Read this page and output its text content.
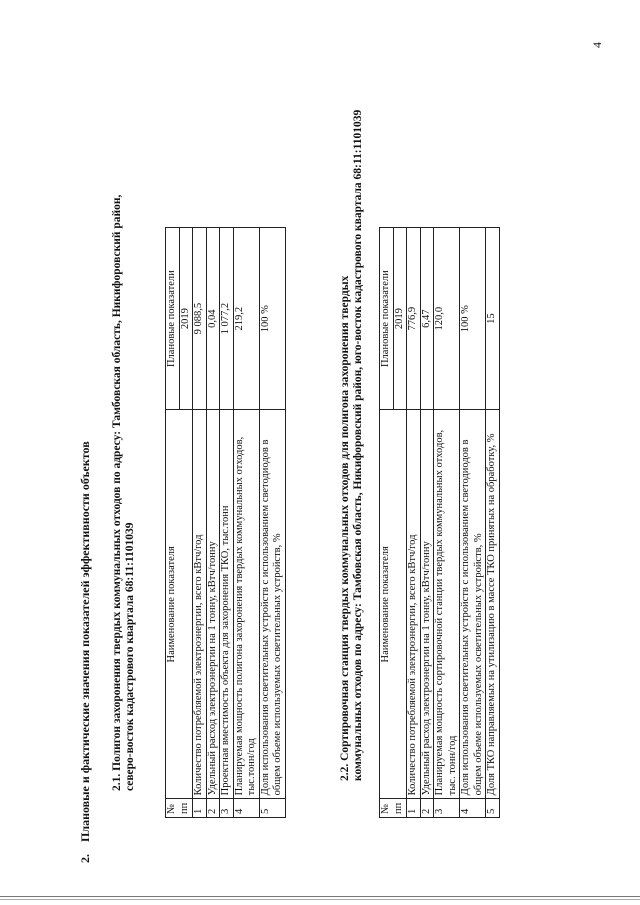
4
2.    Плановые и фактические значения показателей эффективности объектов 2.1. Полигон захоронения твердых коммунальных отходов по адресу: Тамбовская область, Никифоровский район, северо-восток кадастрового квартала 68:11:1101039
№ пп	Наименование показателя	Плановые показатели
		2019
1	Количество потребляемой электроэнергии, всего кВтч/год	9 088,5
2	Удельный расход электроэнергии на 1 тонну, кВтч/тонну	0,04
3	Проектная вместимость объекта для захоронения ТКО, тыс.тонн	1 077,2
4	Планируемая мощность полигона захоронения твердых коммунальных отходов, тыс.тонн/год	219,2
5	Доля использования осветительных устройств с использованием светодиодов в общем объеме используемых осветительных устройств, %	100 %	2.2. Сортировочная станция твердых коммунальных отходов для полигона захоронения твердых коммунальных отходов по адресу: Тамбовская область, Никифоровский район, юго-восток кадастрового квартала 68:11:1101039
№ пп	Наименование показателя	Плановые показатели
		2019
1	Количество потребляемой электроэнергии, всего кВтч/год	776,9
2	Удельный расход электроэнергии на 1 тонну, кВтч/тонну	6,47
3	Планируемая мощность сортировочной станции твердых коммунальных отходов, тыс. тонн/год	120,0
4	Доля использования осветительных устройств с использованием светодиодов в общем объеме используемых осветительных устройств, %	100 %
5	Доля ТКО направляемых на утилизацию в массе ТКО принятых на обработку, %	15
